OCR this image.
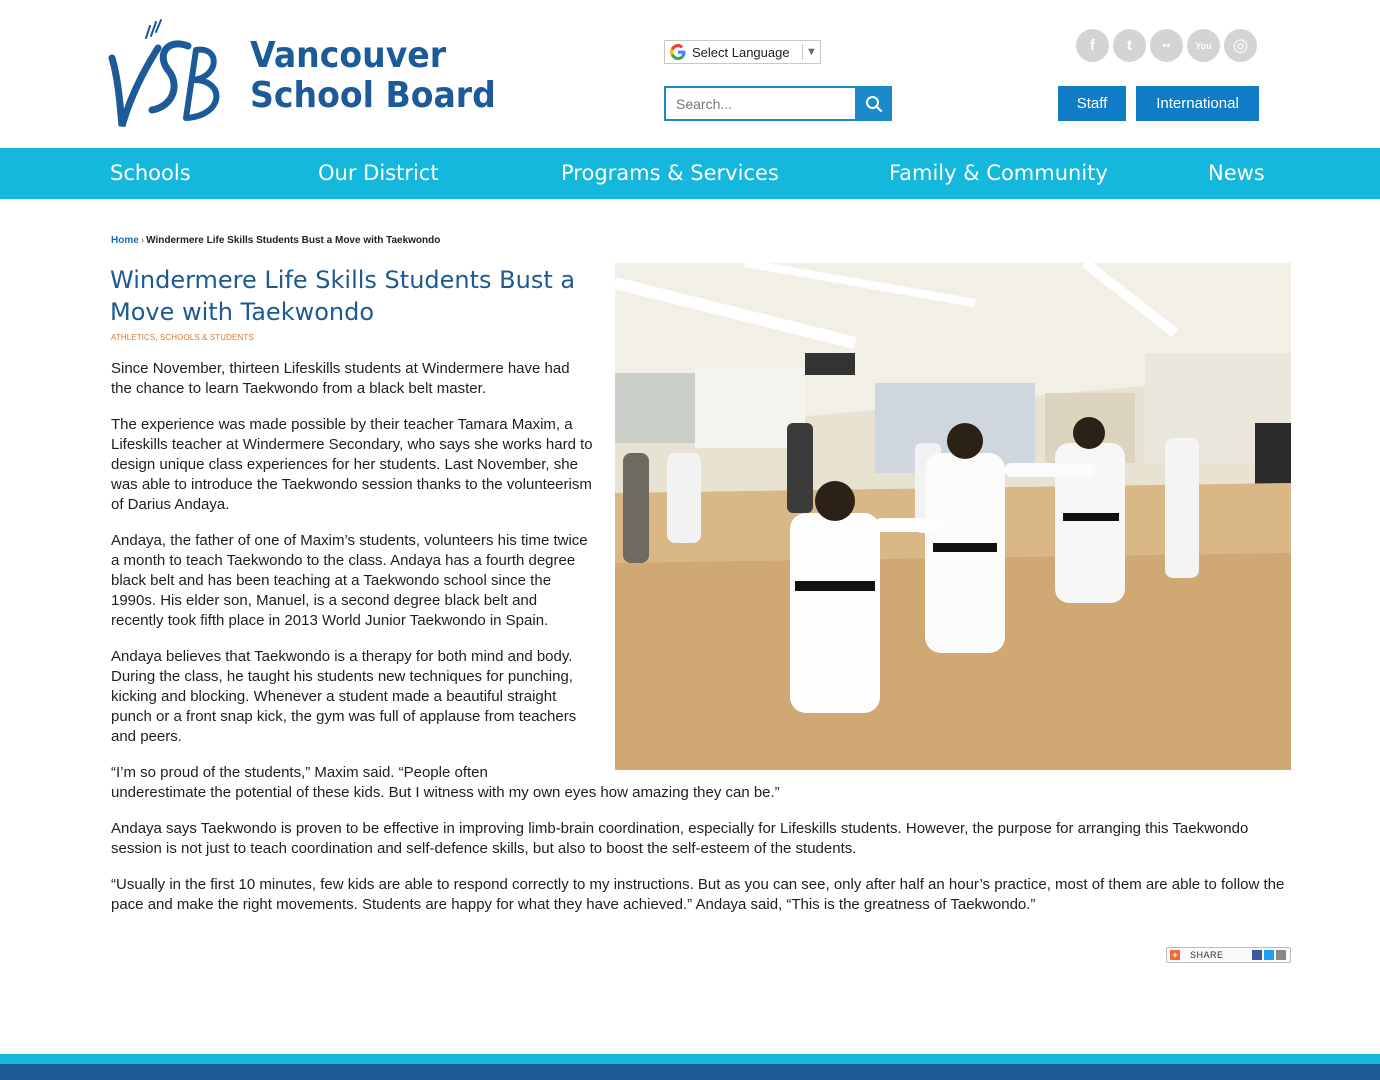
VSB
Vancouver
School Board
Select Language	▼
Search...	f	t	••	You	◎
Staff	International
Schools	Our District	Programs & Services	Family & Community	News
Home › Windermere Life Skills Students Bust a Move with Taekwondo
Windermere Life Skills Students Bust a Move with Taekwondo
ATHLETICS, SCHOOLS & STUDENTS

Since November, thirteen Lifeskills students at Windermere have had the chance to learn Taekwondo from a black belt master.

The experience was made possible by their teacher Tamara Maxim, a Lifeskills teacher at Windermere Secondary, who says she works hard to design unique class experiences for her students. Last November, she was able to introduce the Taekwondo session thanks to the volunteerism of Darius Andaya.

Andaya, the father of one of Maxim’s students, volunteers his time twice a month to teach Taekwondo to the class. Andaya has a fourth degree black belt and has been teaching at a Taekwondo school since the 1990s. His elder son, Manuel, is a second degree black belt and recently took fifth place in 2013 World Junior Taekwondo in Spain.

Andaya believes that Taekwondo is a therapy for both mind and body. During the class, he taught his students new techniques for punching, kicking and blocking. Whenever a student made a beautiful straight punch or a front snap kick, the gym was full of applause from teachers and peers.

“I’m so proud of the students,” Maxim said. “People often
underestimate the potential of these kids. But I witness with my own eyes how amazing they can be.”

Andaya says Taekwondo is proven to be effective in improving limb-brain coordination, especially for Lifeskills students. However, the purpose for arranging this Taekwondo session is not just to teach coordination and self-defence skills, but also to boost the self-esteem of the students.

“Usually in the first 10 minutes, few kids are able to respond correctly to my instructions. But as you can see, only after half an hour’s practice, most of them are able to follow the pace and make the right movements. Students are happy for what they have achieved.” Andaya said, “This is the greatness of Taekwondo.”

+ SHARE
